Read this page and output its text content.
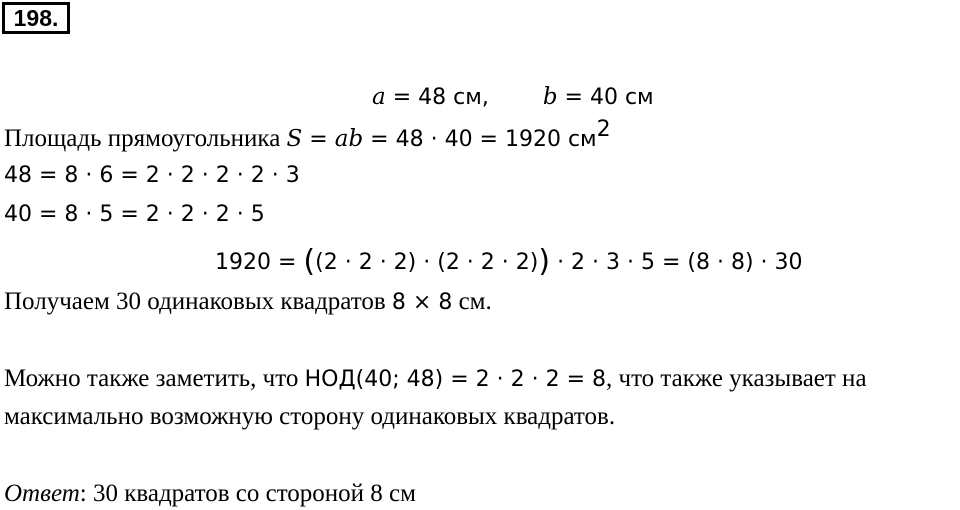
198.
a = 48 см, b = 40 см
Площадь прямоугольника S = ab = 48 · 40 = 1920 $см^2$
48 = 8 · 6 = 2 · 2 · 2 · 2 · 3
40 = 8 · 5 = 2 · 2 · 2 · 5
1920 = ((2 · 2 · 2) · (2 · 2 · 2)) · 2 · 3 · 5 = (8 · 8) · 30
Получаем 30 одинаковых квадратов 8 × 8 см.
Можно также заметить, что НОД(40; 48) = 2 · 2 · 2 = 8, что также указывает на
максимально возможную сторону одинаковых квадратов.
Ответ: 30 квадратов со стороной 8 см
